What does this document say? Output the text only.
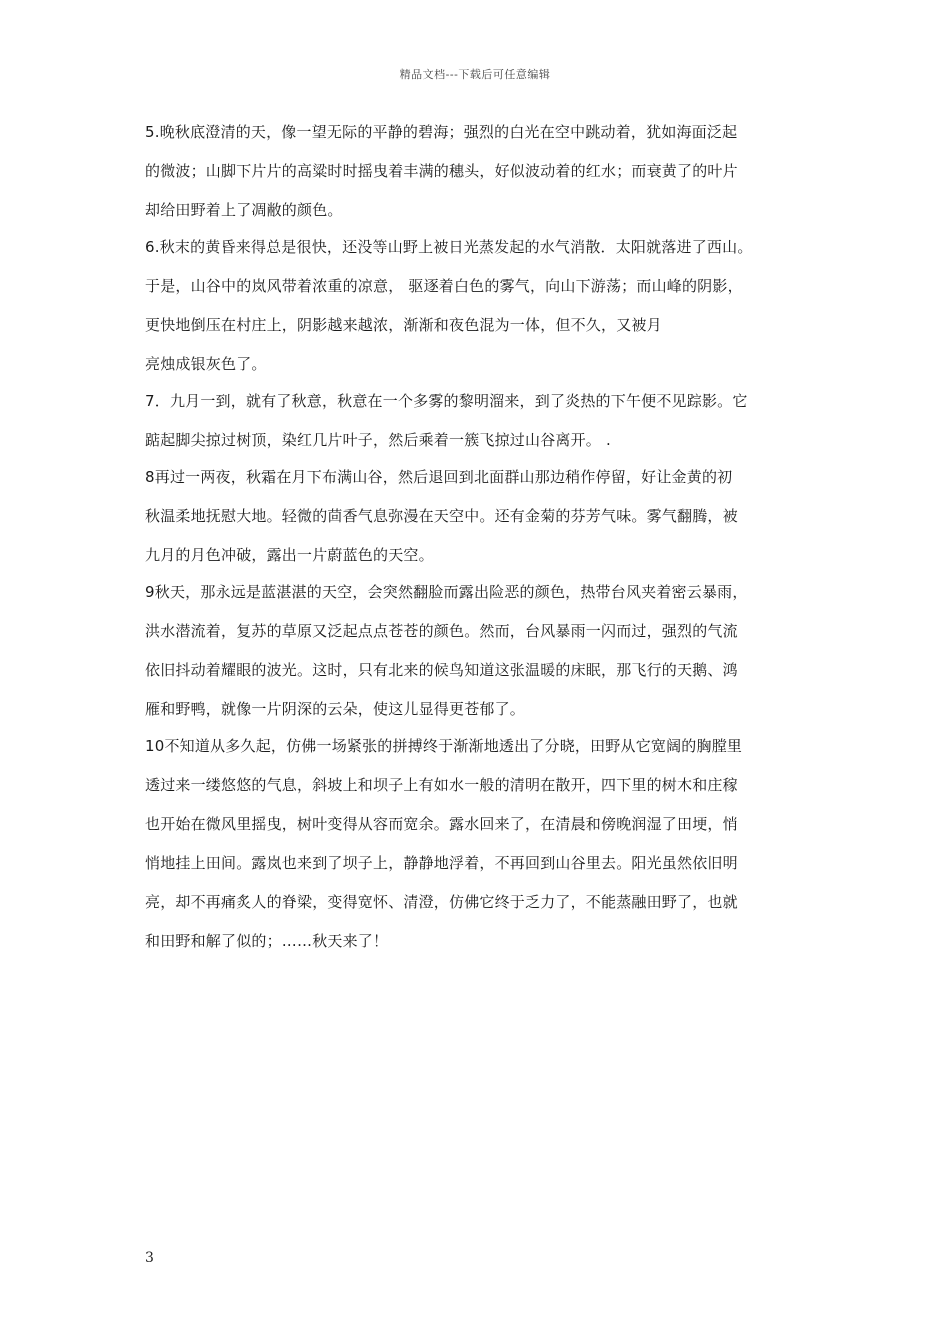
精品文档---下载后可任意编辑
5.晚秋底澄清的天，像一望无际的平静的碧海；强烈的白光在空中跳动着，犹如海面泛起
的微波；山脚下片片的高粱时时摇曳着丰满的穗头，好似波动着的红水；而衰黄了的叶片
却给田野着上了凋敝的颜色。
6.秋末的黄昏来得总是很快，还没等山野上被日光蒸发起的水气消散．太阳就落进了西山。
于是，山谷中的岚风带着浓重的凉意， 驱逐着白色的雾气，向山下游荡；而山峰的阴影，
更快地倒压在村庄上，阴影越来越浓，渐渐和夜色混为一体，但不久，又被月
亮烛成银灰色了。
7．九月一到，就有了秋意，秋意在一个多雾的黎明溜来，到了炎热的下午便不见踪影。它
踮起脚尖掠过树顶，染红几片叶子，然后乘着一簇飞掠过山谷离开。 .
8再过一两夜，秋霜在月下布满山谷，然后退回到北面群山那边稍作停留，好让金黄的初
秋温柔地抚慰大地。轻微的茴香气息弥漫在天空中。还有金菊的芬芳气味。雾气翻腾，被
九月的月色冲破，露出一片蔚蓝色的天空。
9秋天，那永远是蓝湛湛的天空，会突然翻脸而露出险恶的颜色，热带台风夹着密云暴雨，
洪水潜流着，复苏的草原又泛起点点苍苍的颜色。然而，台风暴雨一闪而过，强烈的气流
依旧抖动着耀眼的波光。这时，只有北来的候鸟知道这张温暖的床眠，那飞行的天鹅、鸿
雁和野鸭，就像一片阴深的云朵，使这儿显得更苍郁了。
10不知道从多久起，仿佛一场紧张的拼搏终于渐渐地透出了分晓，田野从它宽阔的胸膛里
透过来一缕悠悠的气息，斜坡上和坝子上有如水一般的清明在散开，四下里的树木和庄稼
也开始在微风里摇曳，树叶变得从容而宽余。露水回来了，在清晨和傍晚润湿了田埂，悄
悄地挂上田间。露岚也来到了坝子上，静静地浮着，不再回到山谷里去。阳光虽然依旧明
亮，却不再痛炙人的脊梁，变得宽怀、清澄，仿佛它终于乏力了，不能蒸融田野了，也就
和田野和解了似的；……秋天来了！
3
